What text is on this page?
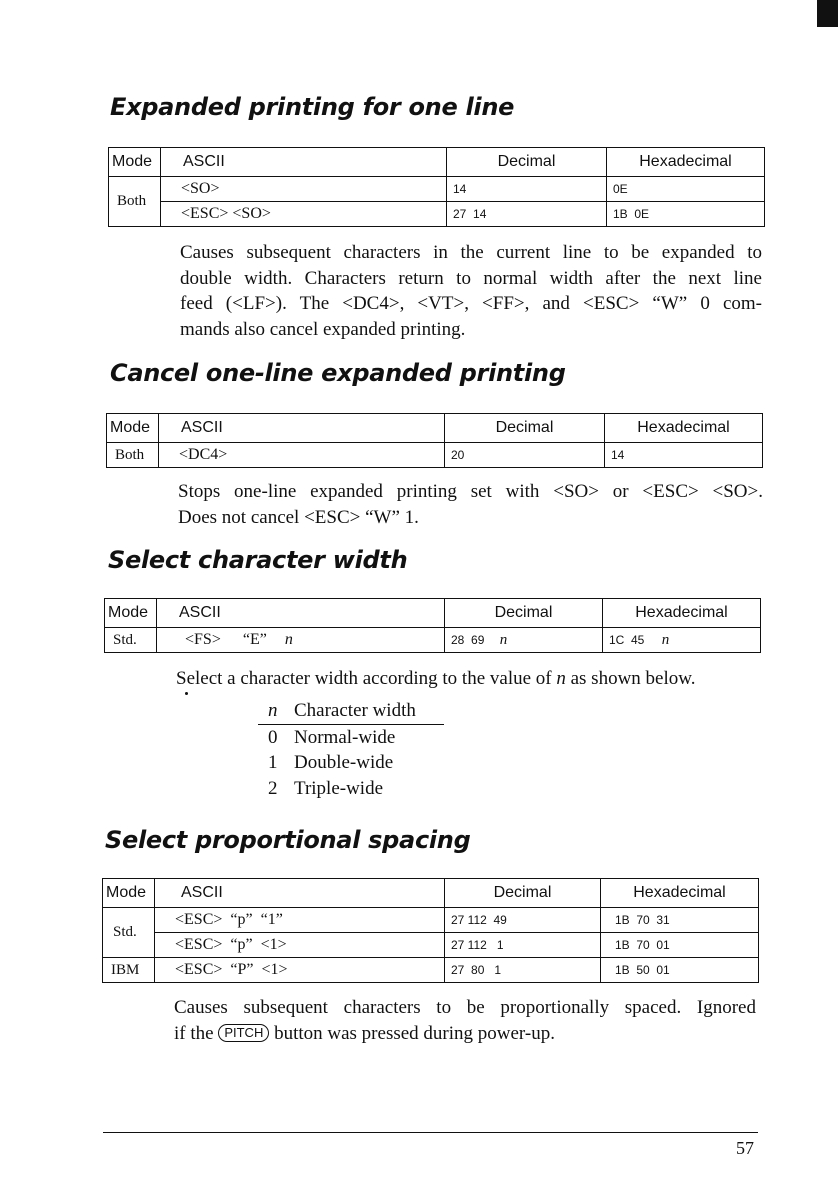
Expanded printing for one line
Mode	ASCII	Decimal	Hexadecimal
Both	<SO>	14	0E
	<ESC> <SO>	27  14	1B  0E
Causes subsequent characters in the current line to be expanded to
double width. Characters return to normal width after the next line
feed (<LF>). The <DC4>, <VT>, <FF>, and <ESC> “W” 0 com-
mands also cancel expanded printing.
Cancel one-line expanded printing
Mode	ASCII	Decimal	Hexadecimal
Both	<DC4>	20	14
Stops one-line expanded printing set with <SO> or <ESC> <SO>.
Does not cancel <ESC> “W” 1.
Select character width
Mode	ASCII	Decimal	Hexadecimal
Std.	<FS> “E” n	28  69 n	1C  45 n
Select a character width according to the value of n as shown below.
n Character width
0 Normal-wide
1 Double-wide
2 Triple-wide
Select proportional spacing
Mode	ASCII	Decimal	Hexadecimal
Std.	<ESC>  “p”  “1”	27 112  49	1B  70  31
	<ESC>  “p”  <1>	27 112   1	1B  70  01
IBM	<ESC>  “P”  <1>	27  80   1	1B  50  01
Causes subsequent characters to be proportionally spaced. Ignored
if the PITCH button was pressed during power-up.
57
